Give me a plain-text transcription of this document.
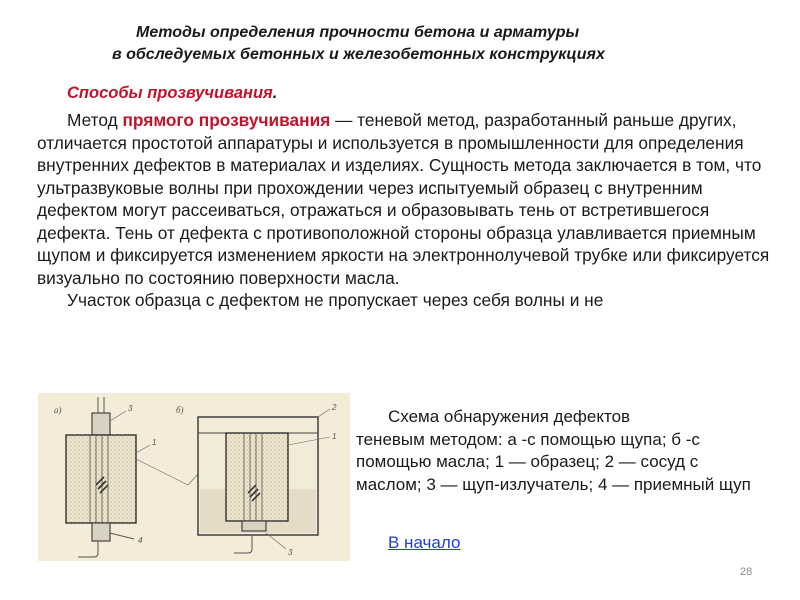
Методы определения прочности бетона и арматуры
в обследуемых бетонных и железобетонных конструкциях
Способы прозвучивания.

Метод прямого прозвучивания — теневой метод, разработанный раньше других, отличается простотой аппаратуры и используется в промышленности для определения внутренних дефектов в материалах и изделиях. Сущность метода заключается в том, что ультразвуковые волны при прохождении через испытуемый образец с внутренним дефектом могут рассеиваться, отражаться и образовывать тень от встретившегося дефекта. Тень от дефекта с противоположной стороны образца улавливается приемным щупом и фиксируется изменением яркости на электроннолучевой трубке или фиксируется визуально по состоянию поверхности масла.

Участок образца с дефектом не пропускает через себя волны и не

а)	б)
3
1
4
2
1
3
Схема обнаружения дефектов
теневым методом: а -с помощью щупа; б -с помощью масла; 1 — образец; 2 — сосуд с маслом; 3 — щуп-излучатель; 4 — приемный щуп
В начало
28
